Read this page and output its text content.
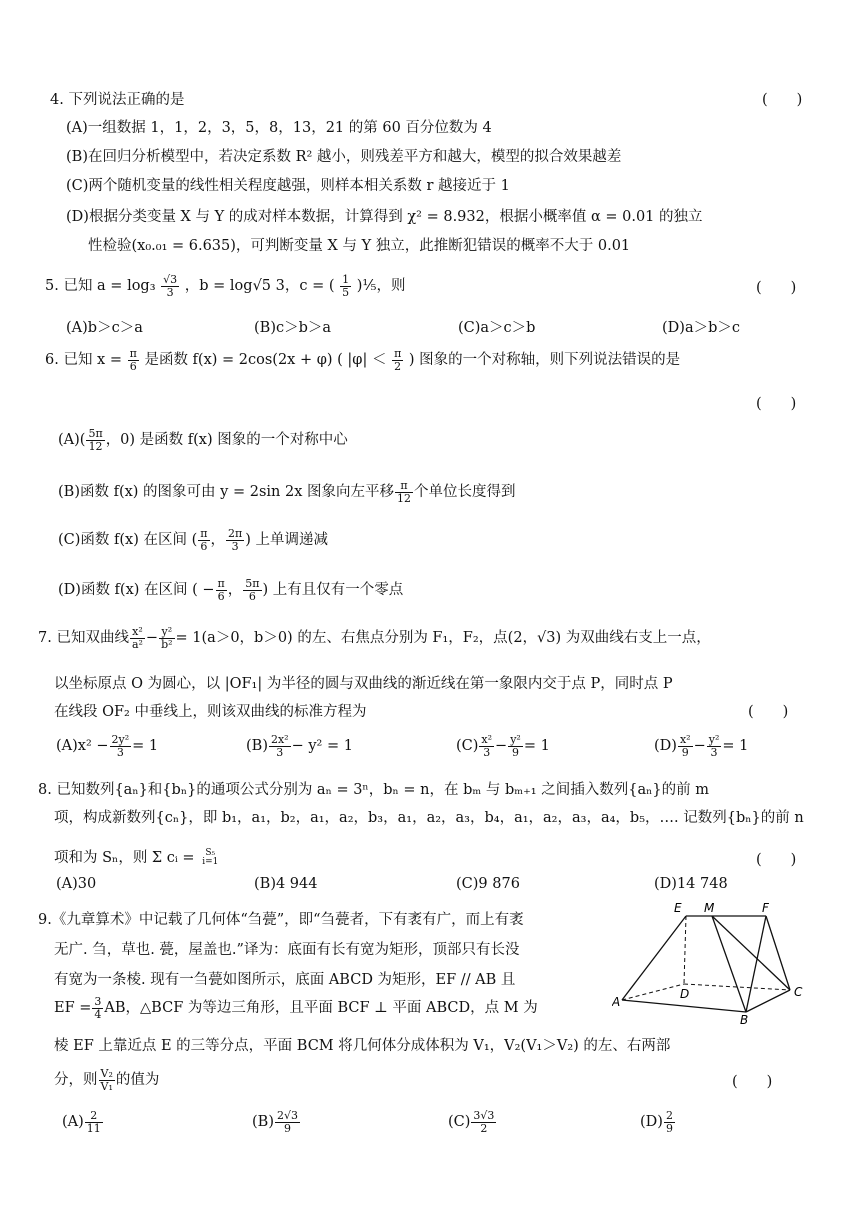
4. 下列说法正确的是	(　　)
(A)一组数据 1，1，2，3，5，8，13，21 的第 60 百分位数为 4
(B)在回归分析模型中，若决定系数 R² 越小，则残差平方和越大，模型的拟合效果越差
(C)两个随机变量的线性相关程度越强，则样本相关系数 r 越接近于 1
(D)根据分类变量 X 与 Y 的成对样本数据，计算得到 χ² = 8.932，根据小概率值 α = 0.01 的独立
性检验(x₀.₀₁ = 6.635)，可判断变量 X 与 Y 独立，此推断犯错误的概率不大于 0.01
5. 已知 $a = \log_3 \frac{√3}{3}$ ，b = log√5 3，c = ( $\frac{1}{5}$ )⅕，则	(　　)
(A)b＞c＞a	(B)c＞b＞a	(C)a＞c＞b	(D)a＞b＞c
6. 已知 $x = \frac{\pi}{6}$ 是函数 f(x) = 2cos(2x + φ) ( $|\varphi| < \frac{\pi}{2}$ ) 图象的一个对称轴，则下列说法错误的是
(　　)
$(A)( \frac{5\pi}{12}$ ，0) 是函数 f(x) 图象的一个对称中心
(B)函数 f(x) 的图象可由 y = 2sin 2x 图象向左平移 $\frac{\pi}{12}$ 个单位长度得到
(C)函数 f(x) 在区间 ( $\frac{\pi}{6}$ ， $\frac{2\pi}{3}$ ) 上单调递减
(D)函数 f(x) 在区间 ( − $\frac{\pi}{6}$ ， $\frac{5\pi}{6}$ ) 上有且仅有一个零点
7. 已知双曲线 $\frac{\text{x²}}{\text{a²}} - \frac{\text{y²}}{\text{b²}} = 1(a>0$，b＞0) 的左、右焦点分别为 F₁，F₂，点(2，√3) 为双曲线右支上一点，
以坐标原点 O 为圆心，以 |OF₁| 为半径的圆与双曲线的渐近线在第一象限内交于点 P，同时点 P
在线段 OF₂ 中垂线上，则该双曲线的标准方程为	(　　)
$(A)x^2 - \frac{\text{2y²}}{3} = 1$	$(B) \frac{\text{2x²}}{3} - y^2 = 1$	$(C) \frac{\text{x²}}{3} - \frac{\text{y²}}{9} = 1$	$(D) \frac{\text{x²}}{9} - \frac{\text{y²}}{3} = 1$
8. 已知数列{aₙ}和{bₙ}的通项公式分别为 aₙ = 3ⁿ，bₙ = n，在 bₘ 与 bₘ₊₁ 之间插入数列{aₙ}的前 m
项，构成新数列{cₙ}，即 b₁，a₁，b₂，a₁，a₂，b₃，a₁，a₂，a₃，b₄，a₁，a₂，a₃，a₄，b₅，…. 记数列{bₙ}的前 n
项和为 Sₙ，则 Σ cᵢ =	S₅
i=1	(　　)
(A)30	(B)4 944	(C)9 876	(D)14 748
9.《九章算术》中记载了几何体“刍甍”，即“刍甍者，下有袤有广，而上有袤
无广. 刍，草也. 甍，屋盖也.”译为：底面有长有宽为矩形，顶部只有长没
有宽为一条棱. 现有一刍甍如图所示，底面 ABCD 为矩形，EF // AB 且
EF = $\frac{3}{4}$ AB，△BCF 为等边三角形，且平面 BCF ⊥ 平面 ABCD，点 M 为
棱 EF 上靠近点 E 的三等分点，平面 BCM 将几何体分成体积为 V₁，V₂(V₁＞V₂) 的左、右两部
分，则 $\frac{\text{V₂}}{\text{V₁}}$ 的值为	(　　)
$(A) \frac{2}{11}$	$(B) \frac{2√3}{9}$	$(C) \frac{3√3}{2}$	$(D) \frac{2}{9}$
E M	F
A
B
C
D
